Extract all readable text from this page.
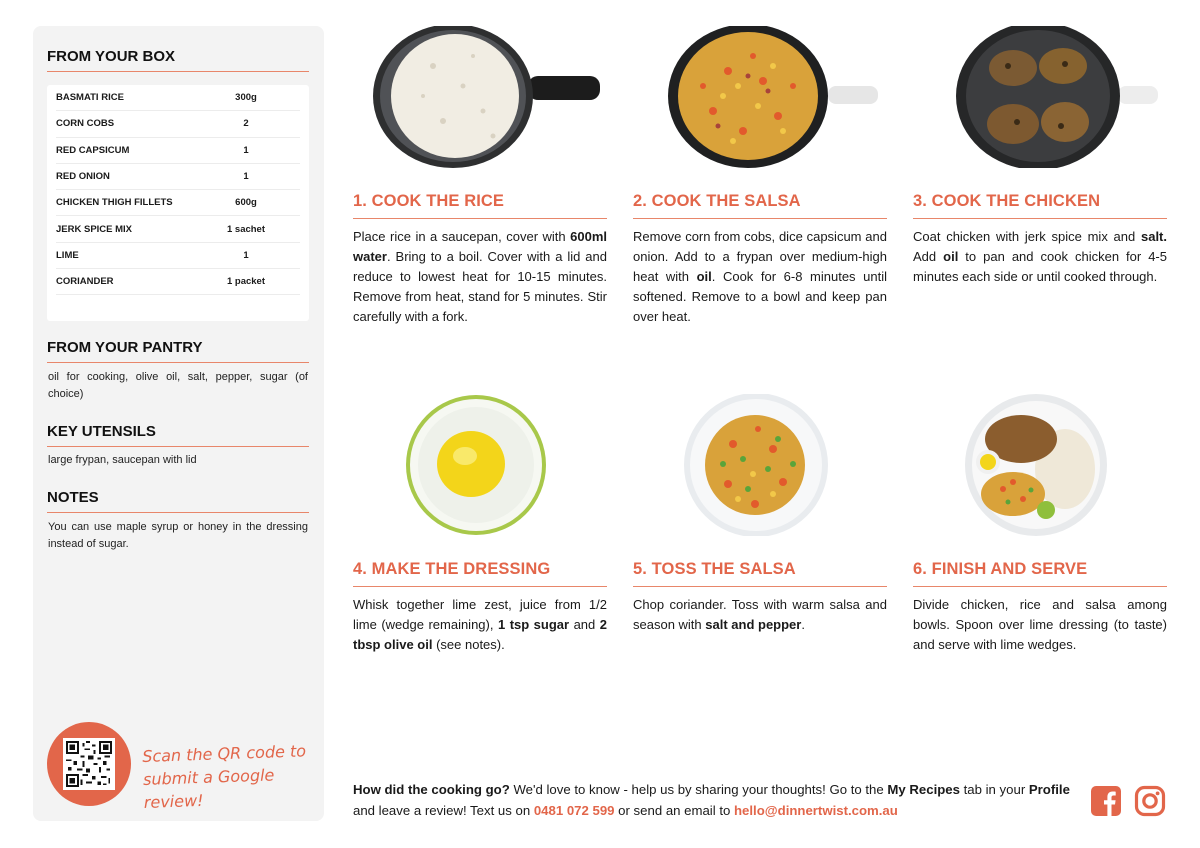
FROM YOUR BOX
BASMATI RICE	300g
CORN COBS	2
RED CAPSICUM	1
RED ONION	1
CHICKEN THIGH FILLETS	600g
JERK SPICE MIX	1 sachet
LIME	1
CORIANDER	1 packet
FROM YOUR PANTRY
oil for cooking, olive oil, salt, pepper, sugar (of choice)
KEY UTENSILS
large frypan, saucepan with lid
NOTES
You can use maple syrup or honey in the dressing instead of sugar.
Scan the QR code to submit a Google review!
1. COOK THE RICE	2. COOK THE SALSA	3. COOK THE CHICKEN
4. MAKE THE DRESSING	5. TOSS THE SALSA	6. FINISH AND SERVE
Place rice in a saucepan, cover with 600ml water. Bring to a boil. Cover with a lid and reduce to lowest heat for 10-15 minutes. Remove from heat, stand for 5 minutes. Stir carefully with a fork.
Remove corn from cobs, dice capsicum and onion. Add to a frypan over medium-high heat with oil. Cook for 6-8 minutes until softened. Remove to a bowl and keep pan over heat.
Coat chicken with jerk spice mix and salt. Add oil to pan and cook chicken for 4-5 minutes each side or until cooked through.
Whisk together lime zest, juice from 1/2 lime (wedge remaining), 1 tsp sugar and 2 tbsp olive oil (see notes).
Chop coriander. Toss with warm salsa and season with salt and pepper.
Divide chicken, rice and salsa among bowls. Spoon over lime dressing (to taste) and serve with lime wedges.
How did the cooking go? We'd love to know - help us by sharing your thoughts! Go to the My Recipes tab in your Profile and leave a review! Text us on 0481 072 599 or send an email to hello@dinnertwist.com.au
